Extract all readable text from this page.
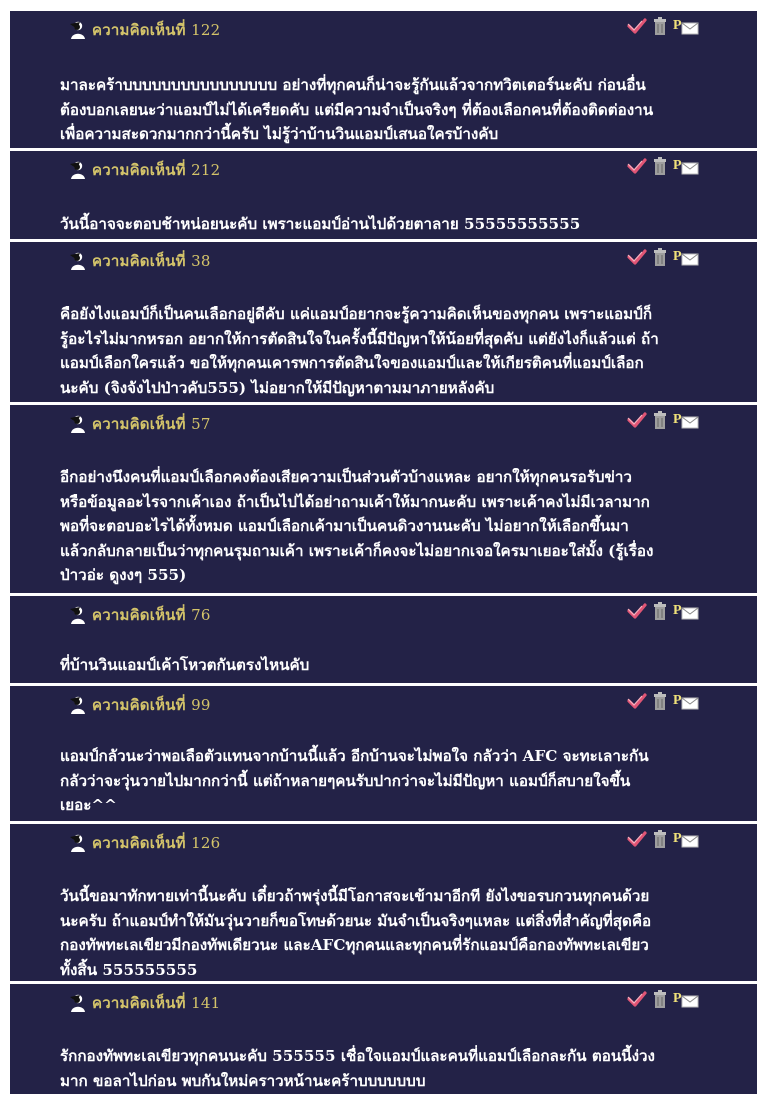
ความคิดเห็นที่ 122	P

มาละคร้าบบบบบบบบบบบบบบบบ อย่างที่ทุกคนก็น่าจะรู้กันแล้วจากทวิตเตอร์นะคับ ก่อนอื่น

ต้องบอกเลยนะว่าแอมป์ไม่ได้เครียดคับ แต่มีความจำเป็นจริงๆ ที่ต้องเลือกคนที่ต้องติดต่องาน

เพื่อความสะดวกมากกว่านี้ครับ ไม่รู้ว่าบ้านวินแอมป์เสนอใครบ้างคับ

ความคิดเห็นที่ 212	P

วันนี้อาจจะตอบช้าหน่อยนะคับ เพราะแอมป์อ่านไปด้วยตาลาย 55555555555

ความคิดเห็นที่ 38	P

คือยังไงแอมป์ก็เป็นคนเลือกอยู่ดีคับ แค่แอมป์อยากจะรู้ความคิดเห็นของทุกคน เพราะแอมป์ก็

รู้อะไรไม่มากหรอก อยากให้การตัดสินใจในครั้งนี้มีปัญหาให้น้อยที่สุดคับ แต่ยังไงก็แล้วแต่ ถ้า

แอมป์เลือกใครแล้ว ขอให้ทุกคนเคารพการตัดสินใจของแอมป์และให้เกียรติคนที่แอมป์เลือก

นะคับ (จิงจังไปป่าวคับ555) ไม่อยากให้มีปัญหาตามมาภายหลังคับ

ความคิดเห็นที่ 57	P

อีกอย่างนึงคนที่แอมป์เลือกคงต้องเสียความเป็นส่วนตัวบ้างแหละ อยากให้ทุกคนรอรับข่าว

หรือข้อมูลอะไรจากเค้าเอง ถ้าเป็นไปได้อย่าถามเค้าให้มากนะคับ เพราะเค้าคงไม่มีเวลามาก

พอที่จะตอบอะไรได้ทั้งหมด แอมป์เลือกเค้ามาเป็นคนดิวงานนะคับ ไม่อยากให้เลือกขึ้นมา

แล้วกลับกลายเป็นว่าทุกคนรุมถามเค้า เพราะเค้าก็คงจะไม่อยากเจอใครมาเยอะใส่มั้ง (รู้เรื่อง

ป่าวอ่ะ ดูงงๆ 555)

ความคิดเห็นที่ 76	P

ที่บ้านวินแอมป์เค้าโหวตกันตรงไหนคับ

ความคิดเห็นที่ 99	P

แอมป์กลัวนะว่าพอเลือตัวแทนจากบ้านนี้แล้ว อีกบ้านจะไม่พอใจ กลัวว่า AFC จะทะเลาะกัน

กลัวว่าจะวุ่นวายไปมากกว่านี้ แต่ถ้าหลายๆคนรับปากว่าจะไม่มีปัญหา แอมป์ก็สบายใจขึ้น

เยอะ^^

ความคิดเห็นที่ 126	P

วันนี้ขอมาทักทายเท่านี้นะคับ เดี๋ยวถ้าพรุ่งนี้มีโอกาสจะเข้ามาอีกที ยังไงขอรบกวนทุกคนด้วย

นะครับ ถ้าแอมป์ทำให้มันวุ่นวายก็ขอโทษด้วยนะ มันจำเป็นจริงๆแหละ แต่สิ่งที่สำคัญที่สุดคือ

กองทัพทะเลเขียวมีกองทัพเดียวนะ และAFCทุกคนและทุกคนที่รักแอมป์คือกองทัพทะเลเขียว

ทั้งสิ้น 555555555

ความคิดเห็นที่ 141	P

รักกองทัพทะเลเขียวทุกคนนะคับ 555555 เชื่อใจแอมป์และคนที่แอมป์เลือกละกัน ตอนนี้ง่วง

มาก ขอลาไปก่อน พบกันใหม่คราวหน้านะคร้าบบบบบบบ
